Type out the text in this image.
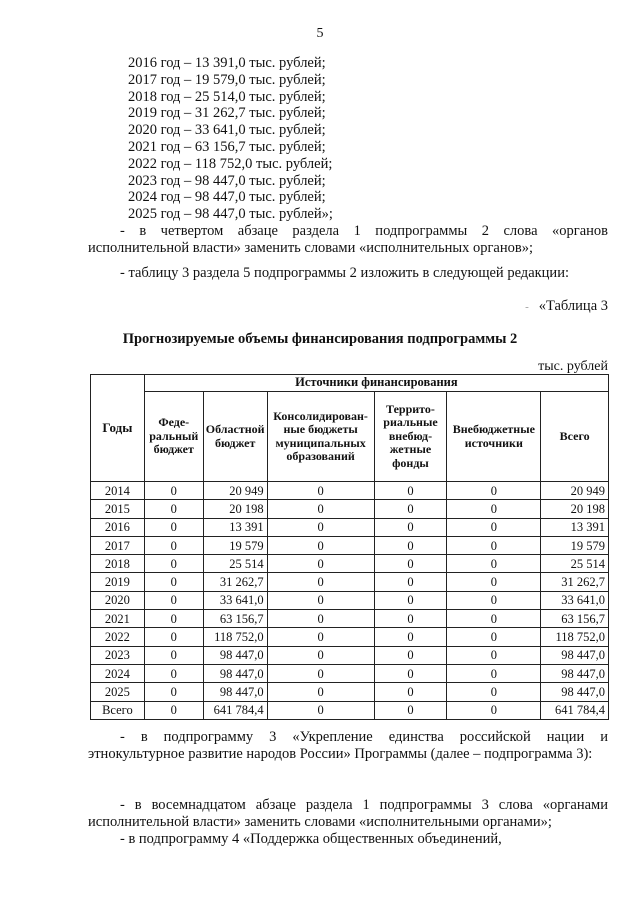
5
2016 год – 13 391,0 тыс. рублей;
2017 год – 19 579,0 тыс. рублей;
2018 год – 25 514,0 тыс. рублей;
2019 год – 31 262,7 тыс. рублей;
2020 год – 33 641,0 тыс. рублей;
2021 год – 63 156,7 тыс. рублей;
2022 год – 118 752,0 тыс. рублей;
2023 год – 98 447,0 тыс. рублей;
2024 год – 98 447,0 тыс. рублей;
2025 год – 98 447,0 тыс. рублей»;
- в четвертом абзаце раздела 1 подпрограммы 2 слова «органов исполнительной власти» заменить словами «исполнительных органов»;
- таблицу 3 раздела 5 подпрограммы 2 изложить в следующей редакции:
- «Таблица 3
Прогнозируемые объемы финансирования подпрограммы 2
тыс. рублей
Годы	Источники финансирования					
	Феде-ральный бюджет	Областной бюджет	Консолидирован-ные бюджеты муниципальных образований	Террито-риальные внебюд-жетные фонды	Внебюджетные источники	Всего
2014	0	20 949	0	0	0	20 949
2015	0	20 198	0	0	0	20 198
2016	0	13 391	0	0	0	13 391
2017	0	19 579	0	0	0	19 579
2018	0	25 514	0	0	0	25 514
2019	0	31 262,7	0	0	0	31 262,7
2020	0	33 641,0	0	0	0	33 641,0
2021	0	63 156,7	0	0	0	63 156,7
2022	0	118 752,0	0	0	0	118 752,0
2023	0	98 447,0	0	0	0	98 447,0
2024	0	98 447,0	0	0	0	98 447,0
2025	0	98 447,0	0	0	0	98 447,0
Всего	0	641 784,4	0	0	0	641 784,4
- в подпрограмму 3 «Укрепление единства российской нации и этнокультурное развитие народов России» Программы (далее – подпрограмма 3):
- в восемнадцатом абзаце раздела 1 подпрограммы 3 слова «органами исполнительной власти» заменить словами «исполнительными органами»;
- в подпрограмму 4 «Поддержка общественных объединений,
